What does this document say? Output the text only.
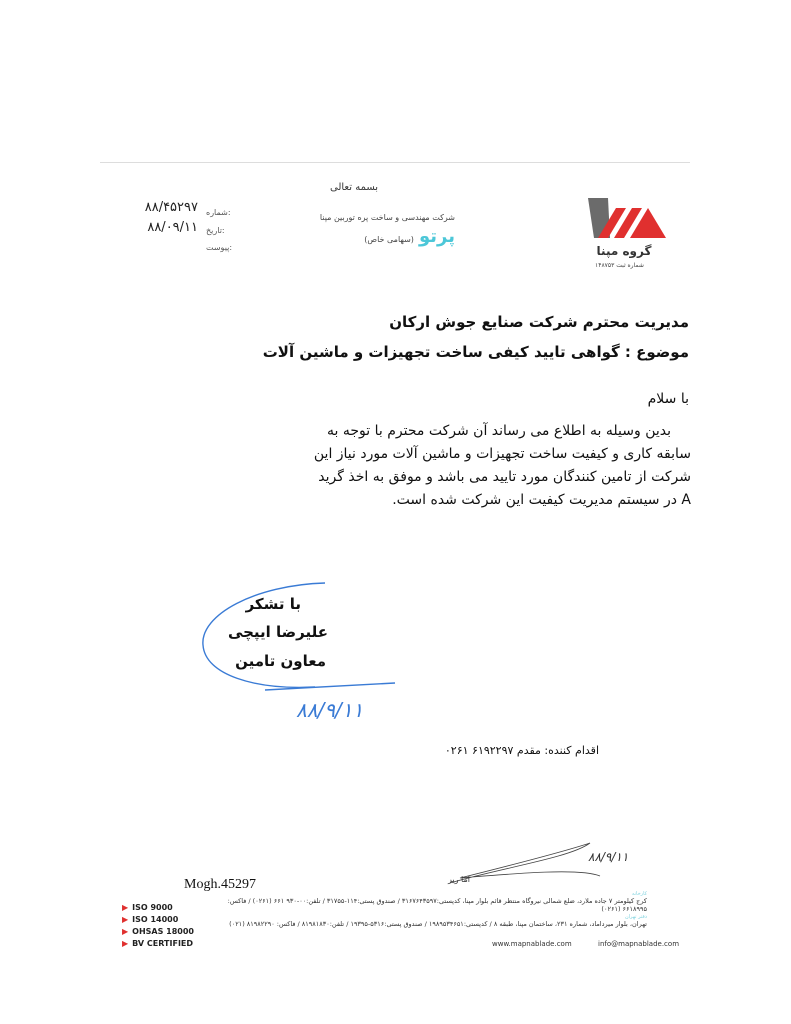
بسمه تعالی
شماره:
۸۸/۴۵۲۹۷
تاریخ:
۸۸/۰۹/۱۱
پیوست:
شرکت مهندسی و ساخت پره توربین مپنا
پرتو (سهامی خاص)
گروه مپنا
شماره ثبت ۱۴۸۷۵۳
مدیریت محترم شرکت صنایع جوش ارکان
موضوع : گواهی تایید کیفی ساخت تجهیزات و ماشین آلات
با سلام
بدین وسیله به اطلاع می رساند آن شرکت محترم با توجه به
سابقه کاری و کیفیت ساخت تجهیزات و ماشین آلات مورد نیاز این
شرکت از تامین کنندگان مورد تایید می باشد و موفق به اخذ گرید
A در سیستم مدیریت کیفیت این شرکت شده است.
با تشکر
علیرضا ایپچی
معاون تامین
۸۸/۹/۱۱
اقدام کننده: مقدم ۶۱۹۲۲۹۷ ۰۲۶۱
۸۸/۹/۱۱
اما ریر
Mogh.45297
▶ ISO 9000
▶ ISO 14000
▶ OHSAS 18000
▶ BV CERTIFIED
کارخانه
کرج کیلومتر ۷ جاده ملارد، ضلع شمالی نیروگاه منتظر قائم بلوار مپنا، کدپستی:۳۱۶۷۶۴۳۵۹۷ / صندوق پستی:۱۱۴-۳۱۷۵۵ / تلفن:۰۰-۹۳۰ ۶۶۱ (۰۲۶۱) / فاکس: ۶۶۱۸۹۹۵ (۰۲۶۱)
دفتر تهران
تهران، بلوار میرداماد، شماره ۲۳۱، ساختمان مپنا، طبقه ۸ / کدپستی:۱۹۸۹۵۳۴۶۵۱ / صندوق پستی:۵۳۱۶-۱۹۳۹۵ / تلفن:۸۱۹۸۱۸۳۰ / فاکس: ۸۱۹۸۲۲۹۰ (۰۲۱)
www.mapnablade.com	info@mapnablade.com
